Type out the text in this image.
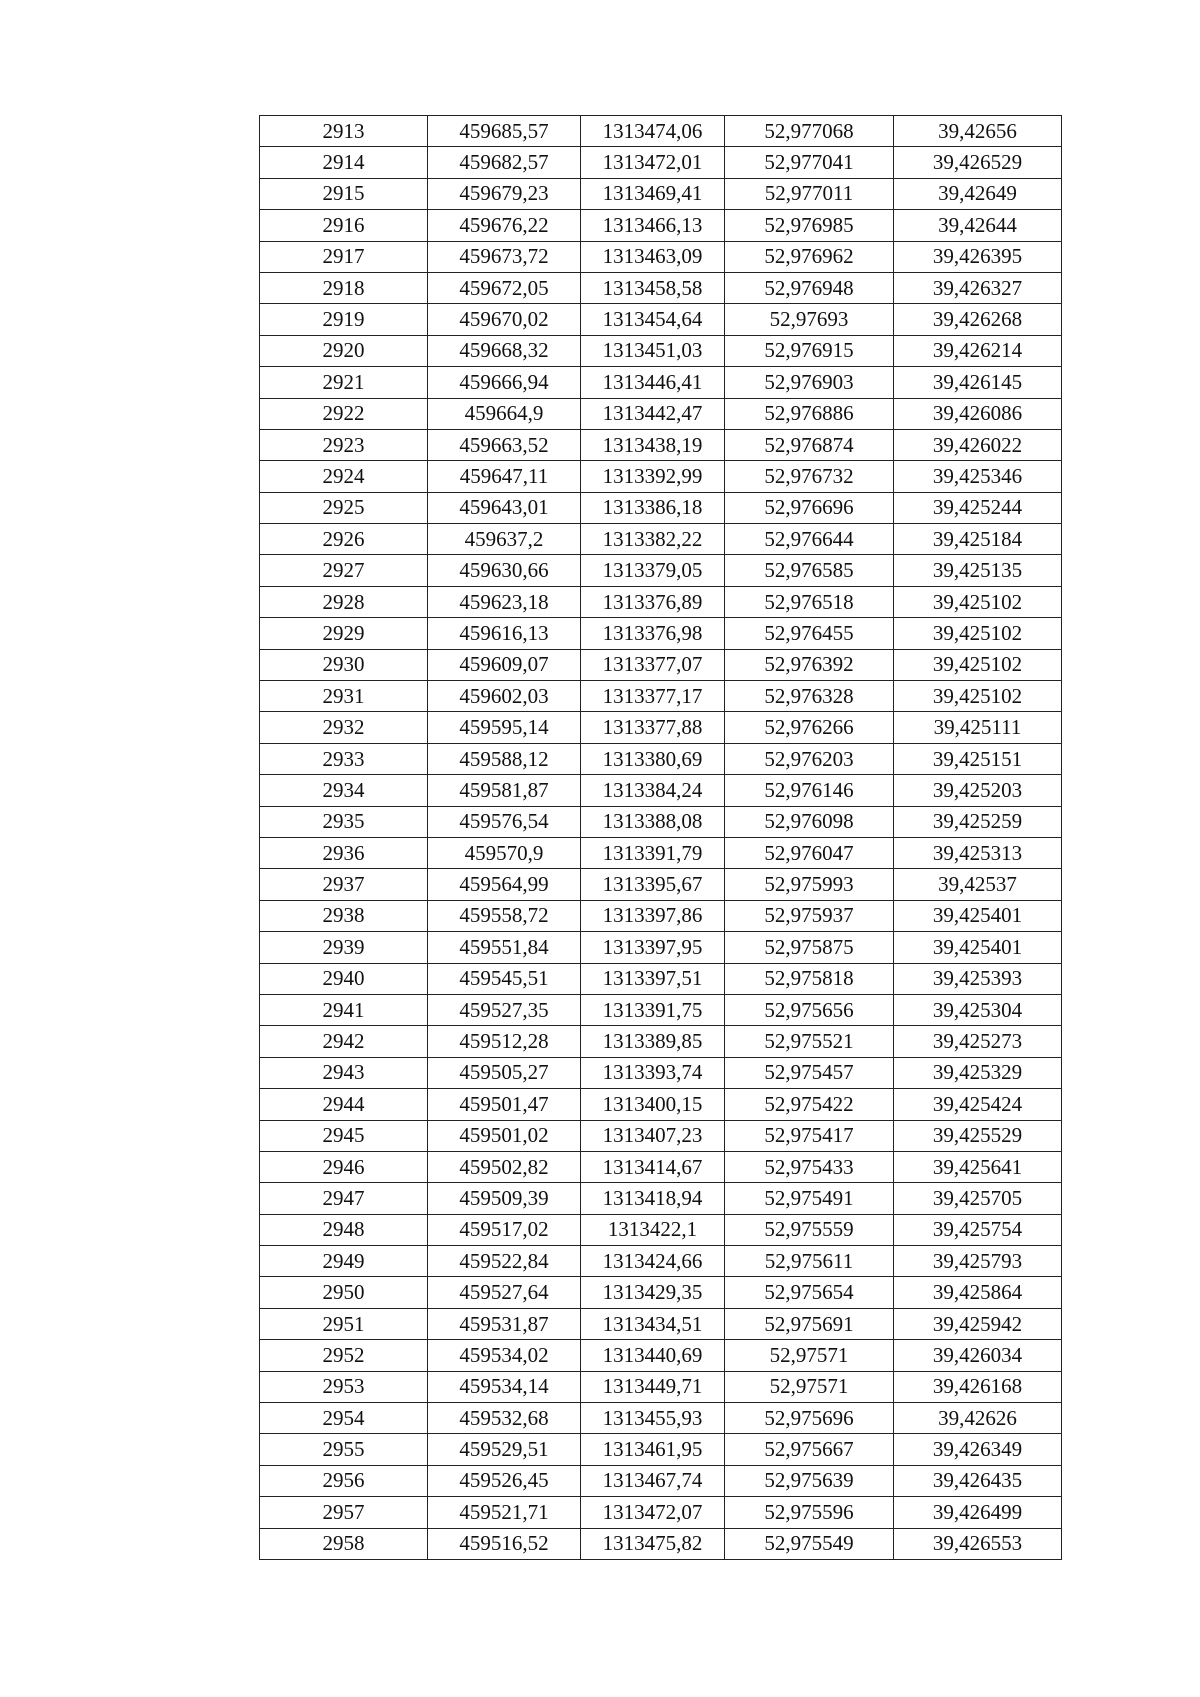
2913	459685,57	1313474,06	52,977068	39,42656
2914	459682,57	1313472,01	52,977041	39,426529
2915	459679,23	1313469,41	52,977011	39,42649
2916	459676,22	1313466,13	52,976985	39,42644
2917	459673,72	1313463,09	52,976962	39,426395
2918	459672,05	1313458,58	52,976948	39,426327
2919	459670,02	1313454,64	52,97693	39,426268
2920	459668,32	1313451,03	52,976915	39,426214
2921	459666,94	1313446,41	52,976903	39,426145
2922	459664,9	1313442,47	52,976886	39,426086
2923	459663,52	1313438,19	52,976874	39,426022
2924	459647,11	1313392,99	52,976732	39,425346
2925	459643,01	1313386,18	52,976696	39,425244
2926	459637,2	1313382,22	52,976644	39,425184
2927	459630,66	1313379,05	52,976585	39,425135
2928	459623,18	1313376,89	52,976518	39,425102
2929	459616,13	1313376,98	52,976455	39,425102
2930	459609,07	1313377,07	52,976392	39,425102
2931	459602,03	1313377,17	52,976328	39,425102
2932	459595,14	1313377,88	52,976266	39,425111
2933	459588,12	1313380,69	52,976203	39,425151
2934	459581,87	1313384,24	52,976146	39,425203
2935	459576,54	1313388,08	52,976098	39,425259
2936	459570,9	1313391,79	52,976047	39,425313
2937	459564,99	1313395,67	52,975993	39,42537
2938	459558,72	1313397,86	52,975937	39,425401
2939	459551,84	1313397,95	52,975875	39,425401
2940	459545,51	1313397,51	52,975818	39,425393
2941	459527,35	1313391,75	52,975656	39,425304
2942	459512,28	1313389,85	52,975521	39,425273
2943	459505,27	1313393,74	52,975457	39,425329
2944	459501,47	1313400,15	52,975422	39,425424
2945	459501,02	1313407,23	52,975417	39,425529
2946	459502,82	1313414,67	52,975433	39,425641
2947	459509,39	1313418,94	52,975491	39,425705
2948	459517,02	1313422,1	52,975559	39,425754
2949	459522,84	1313424,66	52,975611	39,425793
2950	459527,64	1313429,35	52,975654	39,425864
2951	459531,87	1313434,51	52,975691	39,425942
2952	459534,02	1313440,69	52,97571	39,426034
2953	459534,14	1313449,71	52,97571	39,426168
2954	459532,68	1313455,93	52,975696	39,42626
2955	459529,51	1313461,95	52,975667	39,426349
2956	459526,45	1313467,74	52,975639	39,426435
2957	459521,71	1313472,07	52,975596	39,426499
2958	459516,52	1313475,82	52,975549	39,426553
